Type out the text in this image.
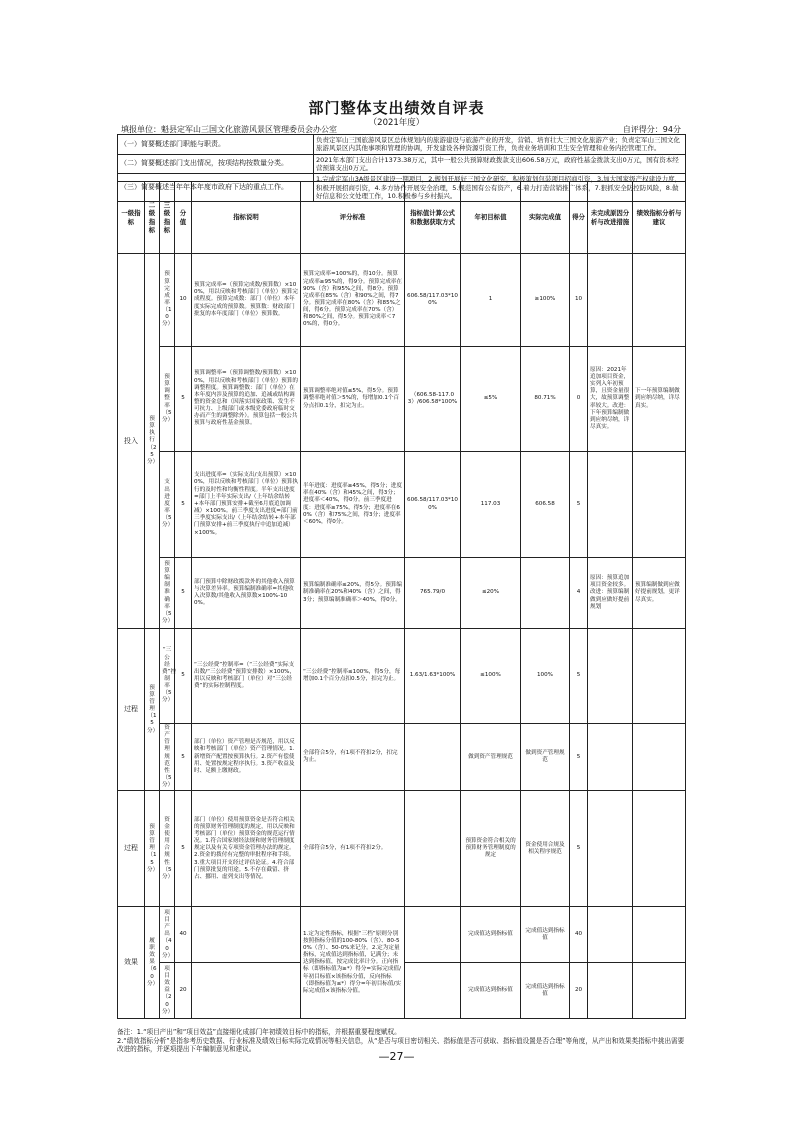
部门整体支出绩效自评表
（2021年度）
填报单位：魁县定军山三国文化旅游风景区管理委员会办公室	自评得分：94分
（一）简要概述部门职能与职责。	负责定军山三国旅游风景区总体规划内的旅游建设与旅游产业的开发，营销、培育壮大三国文化旅游产业；负责定军山三国文化旅游风景区内其他事项和管理的协调，开发建设各种资源引资工作，负责业务培训和卫生安全管理和业务内控管理工作。
（二）简要概述部门支出情况，按项结构按数量分类。	2021年本部门支出合计1373.38万元，其中一般公共预算财政拨款支出606.58万元，政府性基金拨款支出0万元，国有资本经营预算支出0万元。
（三）简要概述当年年本年度市政府下达的重点工作。	1.完成定军山3A级景区建设一期项目，2.规划开展好三国文化研究，积极策划包装项目招商引资，3.加大国家级产权建设力度，积极开展招商引资，4.多方协作开展安全治理，5.规范国有公有资产，6.着力打造营销推广体系，7.狠抓安全防控防风险，8.做好信息和公文处理工作，10.积极参与乡村振兴。
一级指标	二级指标	三级指标	分值	指标说明	评分标准	指标值计算公式和数据获取方式	年初目标值	实际完成值	得分	未完成原因分析与改进措施	绩效指标分析与建议
投入	预算执行（25分）	预算完成率（10分）	10	预算完成率=（预算完成数/预算数）×100%，用以反映和考核部门（单位）预算完成程度。预算完成数：部门（单位）本年度实际完成的预算数。预算数：财政部门批复的本年度部门（单位）预算数。	预算完成率=100%的，得10分。预算完成率≥95%的，得9分。预算完成率在90%（含）和95%之间，得8分。预算完成率在85%（含）和90%之间，得7分。预算完成率在80%（含）和85%之间，得6分。预算完成率在70%（含）和80%之间，得5分。预算完成率＜70%的，得0分。	606.58/117.03*100%	1	≥100%	10		
		预算调整率（5分）	5	预算调整率=（预算调整数/预算数）×100%，用以反映和考核部门（单位）预算的调整程度。预算调整数：部门（单位）在本年度内涉及预算的追加、追减或结构调整的资金总和（因落实国家政策、发生不可抗力、上级部门或本级党委政府临时交办而产生的调整除外）。预算包括一般公共预算与政府性基金预算。	预算调整率绝对值≤5%，得5分。预算调整率绝对值＞5%的，每增加0.1个百分点扣0.1分，扣完为止。	（606.58-117.03）/606.58*100%	≤5%	80.71%	0	原因：2021年追加项目资金，实列入年初预算，且资金量很大，故预算调整率较大。改进：下年预算编制做到应纳尽纳，详尽真实。	下一年预算编制做到应纳尽纳，详尽真实。
		支出进度率（5分）	5	支出进度率=（实际支出/支出预算）×100%，用以反映和考核部门（单位）预算执行的及时性和均衡性程度。半年支出进度=部门上半年实际支出/（上年结余结转+本年部门预算安排+截至6月底追加调减）×100%。前三季度支出进度=部门前三季度实际支出/（上年结余结转+本年部门预算安排+前三季度执行中追加追减）×100%。	半年进度：进度率≥45%，得5分；进度率在40%（含）和45%之间，得3分；进度率＜40%，得0分。前三季度进度：进度率≥75%，得5分；进度率在60%（含）和75%之间，得3分；进度率＜60%，得0分。	606.58/117.03*100%	117.03	606.58	5		
		预算编制准确率（5分）	5	部门预算中除财政拨款外的其他收入预算与决算差异率。预算编制准确率=其他收入决算数/其他收入预算数×100%-100%。	预算编制准确率≤20%，得5分。预算编制准确率在20%和40%（含）之间，得3分；预算编制准确率＞40%，得0分。	765.79/0	≤20%		4	原因：预算追加项目资金较多。改进：预算编制做到应做好提前规划	预算编制做到应做好提前规划，更详尽真实。
过程	预算管理（15分）	“三公经费”控制率（5分）	5	“三公经费”控制率=（“三公经费”实际支出数/“三公经费”预算安排数）×100%，用以反映和考核部门（单位）对“三公经费”的实际控制程度。	“三公经费”控制率≤100%，得5分，每增加0.1个百分点扣0.5分，扣完为止。	1.63/1.63*100%	≤100%	100%	5		
		资产管理规范性（5分）	5	部门（单位）资产管理是否规范，用以反映和考核部门（单位）资产管理情况。1.新增资产配置按预算执行。2.资产有偿使用、处置按规定程序执行。3.资产收益及时、足额上缴财政。	全部符合5分，有1项不符扣2分，扣完为止。		做到资产管理规范	做到资产管理规范	5		
过程	预算管理（15分）	资金使用合规性（5分）	5	部门（单位）使用预算资金是否符合相关的预算财务管理制度的规定，用以反映和考核部门（单位）预算资金的规范运行情况。1.符合国家财经法规和财务管理制度规定以及有关专项资金管理办法的规定。2.资金的拨付有完整的审批程序和手续。3.重大项目开支经过评估论证。4.符合部门预算批复的用途。5.不存在截留、挤占、挪用、虚列支出等情况。	全部符合5分，有1项不符扣2分。		预算资金符合相关的预算财务管理制度的规定	资金使用合规及相关程序规范	5		
效果	履职效果（60分）	项目产出（40分）	40		1.定为定性指标，根据“三档”原则分别按照指标分值的100-80%（含）、80-50%（含）、50-0%来记分。2.定为定量指标，完成值达到指标值，记满分；未达到指标值，按完成比率计分。正向指标（即指标值为≥*）得分=实际完成值/年初目标值×该指标分值，反向指标（即指标值为≤*）得分=年初目标值/实际完成值×该指标分值。		完成值达到指标值	完成值达到指标值	40		
		项目效益（20分）	20				完成值达到指标值	完成值达到指标值	20		
备注：1.“项目产出”和“项目效益”直接细化成部门年初绩效目标中的指标，并根据重要程度赋权。
2.“绩效指标分析”是指参考历史数据、行业标准及绩效目标实际完成情况等相关信息，从“是否与项目密切相关、指标值是否可获取、指标值设置是否合理”等角度，从产出和效果类指标中挑出需要改进的指标，并逐项提出下年编制意见和建议。
—27—
